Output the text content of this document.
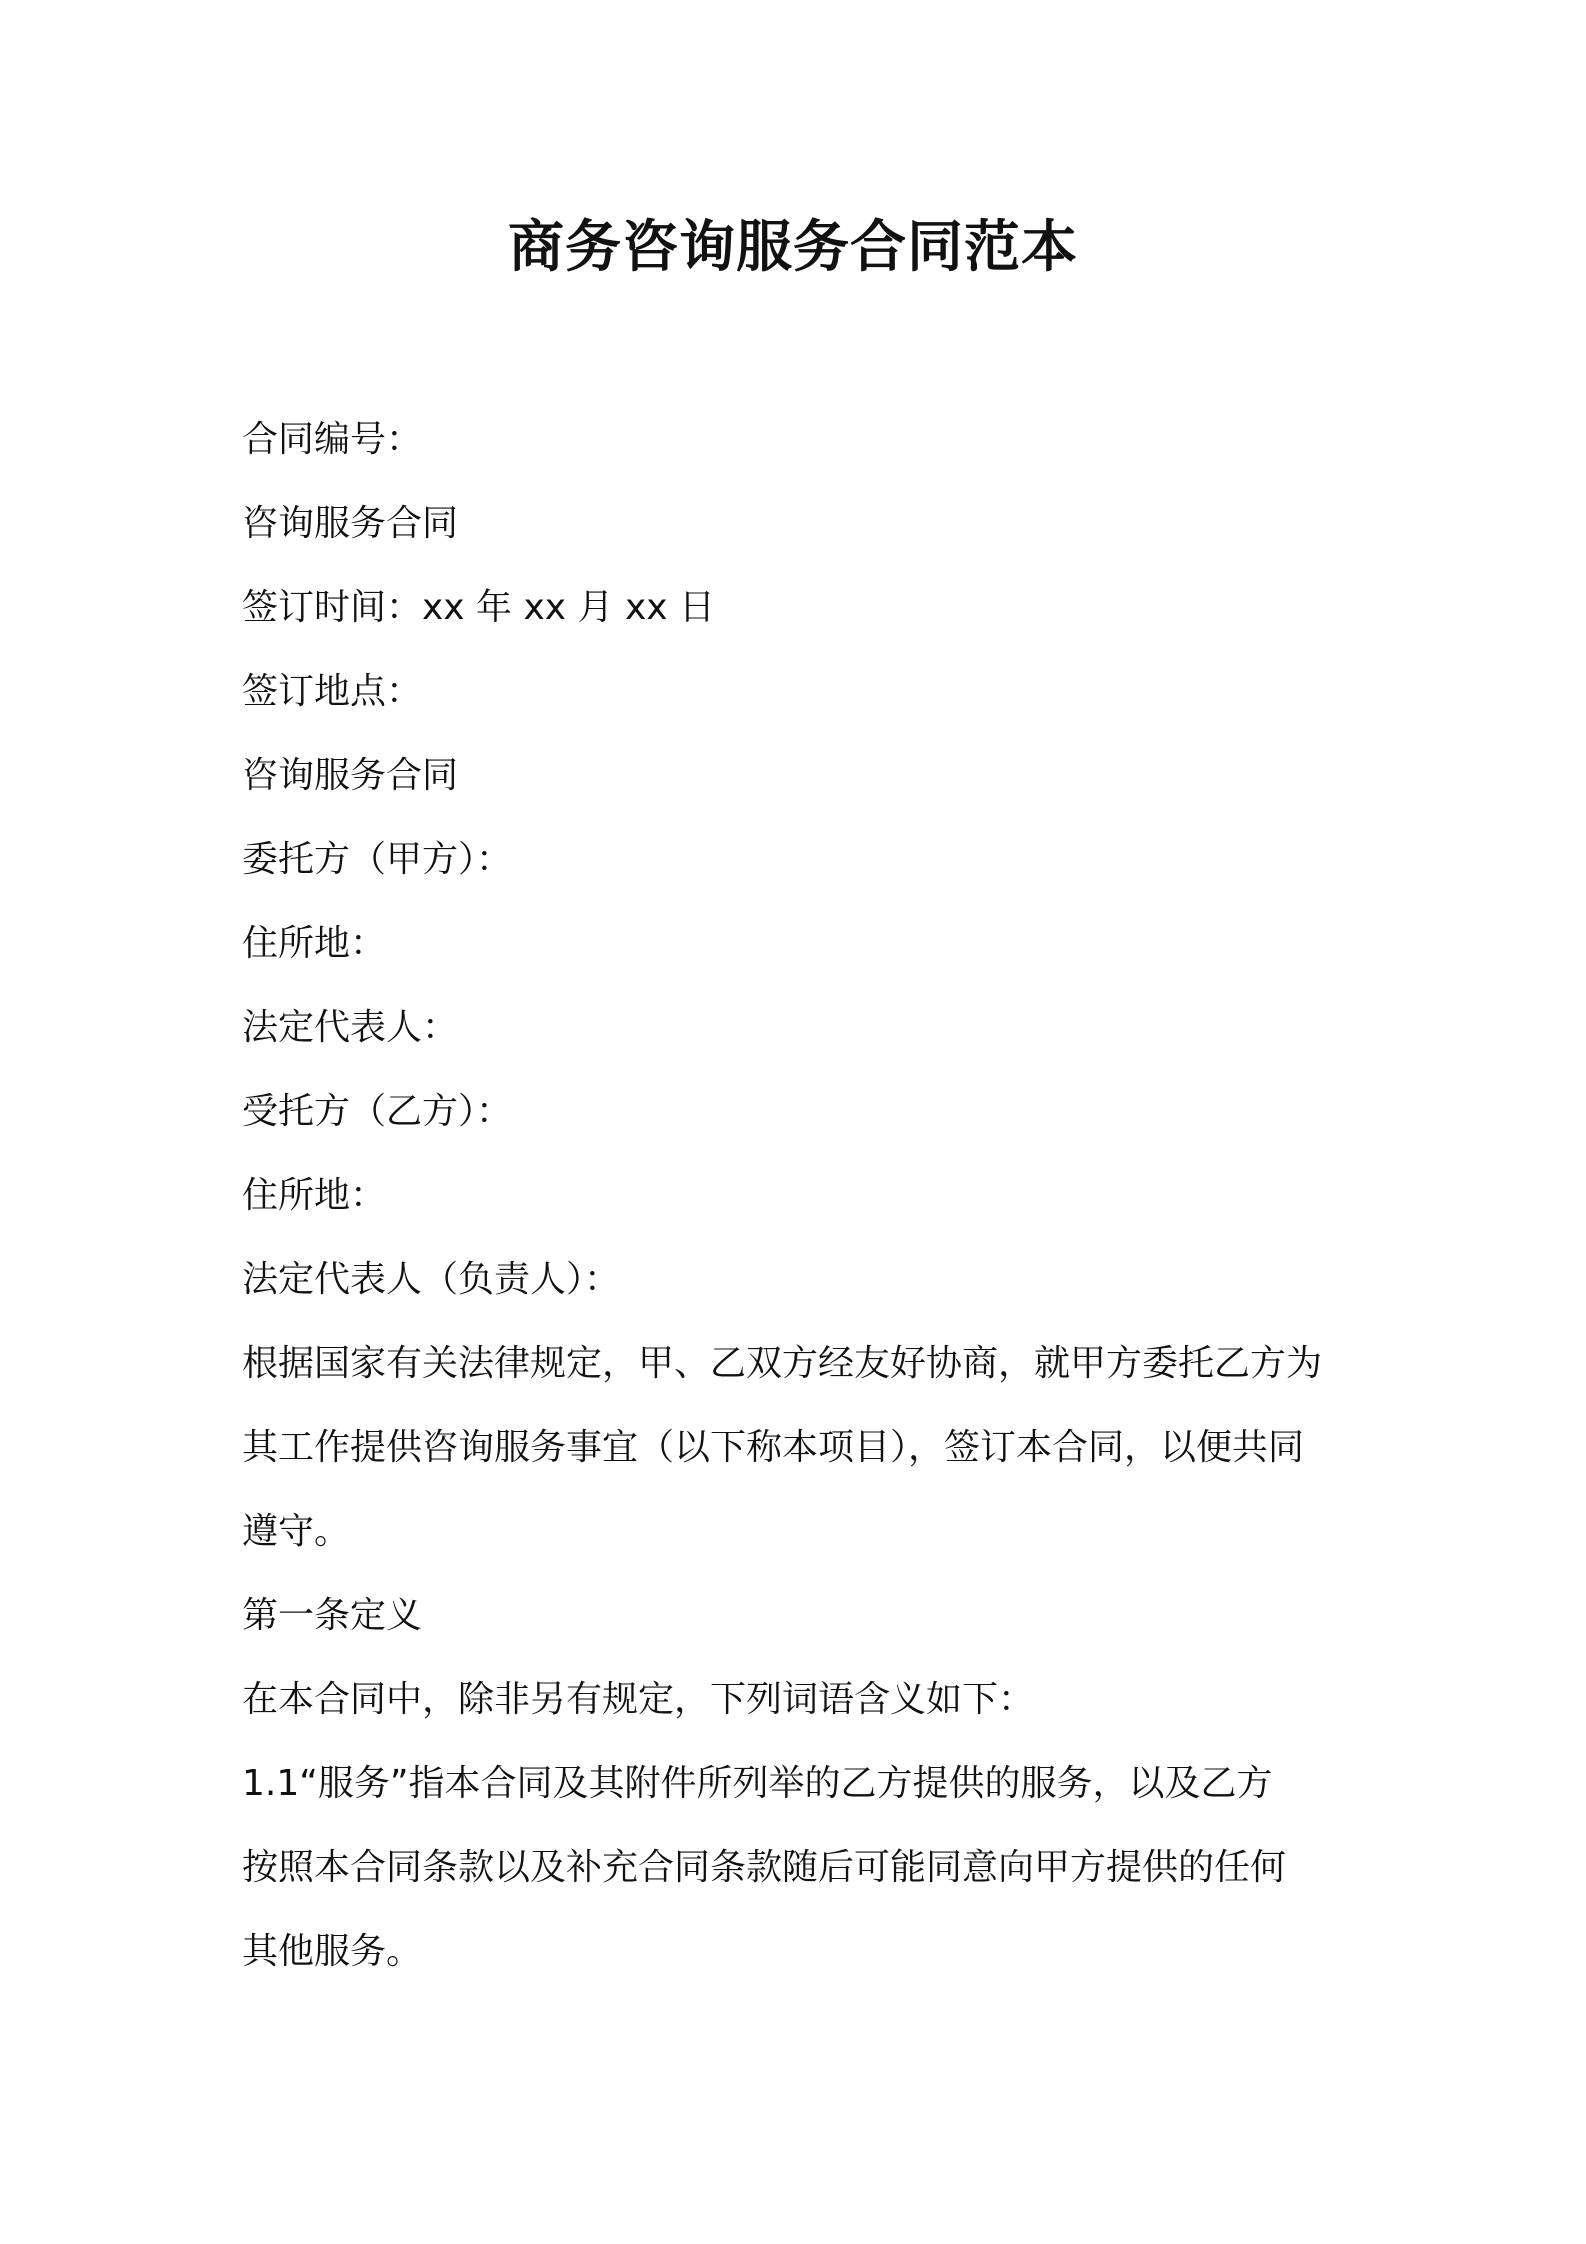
商务咨询服务合同范本
合同编号：
咨询服务合同
签订时间：xx 年 xx 月 xx 日
签订地点：
咨询服务合同
委托方（甲方）：
住所地：
法定代表人：
受托方（乙方）：
住所地：
法定代表人（负责人）：
根据国家有关法律规定，甲、乙双方经友好协商，就甲方委托乙方为
其工作提供咨询服务事宜（以下称本项目），签订本合同，以便共同
遵守。
第一条定义
在本合同中，除非另有规定，下列词语含义如下：
1.1“服务”指本合同及其附件所列举的乙方提供的服务，以及乙方
按照本合同条款以及补充合同条款随后可能同意向甲方提供的任何
其他服务。
